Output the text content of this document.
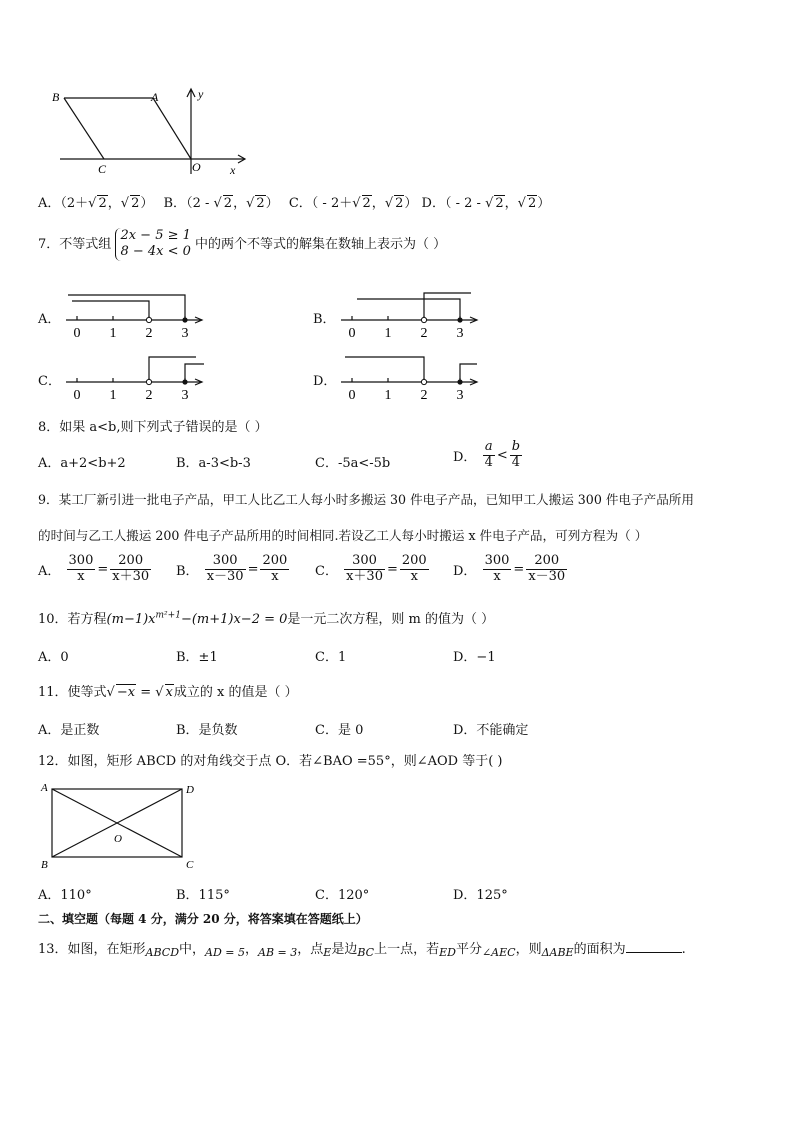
B	A
C	O x
y
A．（2＋√ 2，√ 2） B．（2 - √ 2，√ 2） C．（ - 2＋√ 2，√ 2） D．（ - 2 - √ 2，√ 2）
7．不等式组
2x − 5 ≥ 1
8 − 4x < 0 中的两个不等式的解集在数轴上表示为（ ）
A．
0 1 2 3
B．
0 1 2 3
C．
0 1 2 3
D．
0 1 2 3
8．如果 a<b,则下列式子错误的是（ ）
A．a+2<b+2	B．a-3<b-3	C．-5a<-5b	D． $\frac{a}{4} < \frac{b}{4}$
9．某工厂新引进一批电子产品，甲工人比乙工人每小时多搬运 30 件电子产品，已知甲工人搬运 300 件电子产品所用
的时间与乙工人搬运 200 件电子产品所用的时间相同.若设乙工人每小时搬运 x 件电子产品，可列方程为（ ）
A． $\frac{300}{x} = \frac{200}{x+30}$ B． $\frac{300}{x-30} = \frac{200}{x}$ C． $\frac{300}{x+30} = \frac{200}{x}$ D． $\frac{300}{x} = \frac{200}{x-30}$
10．若方程$(m-1)x^{m^2+1}-(m+1)x-2 = 0$是一元二次方程，则 m 的值为（ ）
A．0	B．±1	C．1	D．−1
11．使等式√ −x = √ x成立的 x 的值是（ ）
A．是正数	B．是负数	C．是 0	D．不能确定
12．如图，矩形 ABCD 的对角线交于点 O．若∠BAO =55°，则∠AOD 等于( )
A
B	C
D
O
A．110°	B．115°	C．120°	D．125°
二、填空题（每题 4 分，满分 20 分，将答案填在答题纸上）
13．如图，在矩形$_{ABCD}$中，$_{AD = 5}$，$_{AB = 3}$，点$_E$是边$_{BC}$上一点，若$_{ED}$平分$_{\angle AEC}$，则$_{\Delta ABE}$的面积为	.
